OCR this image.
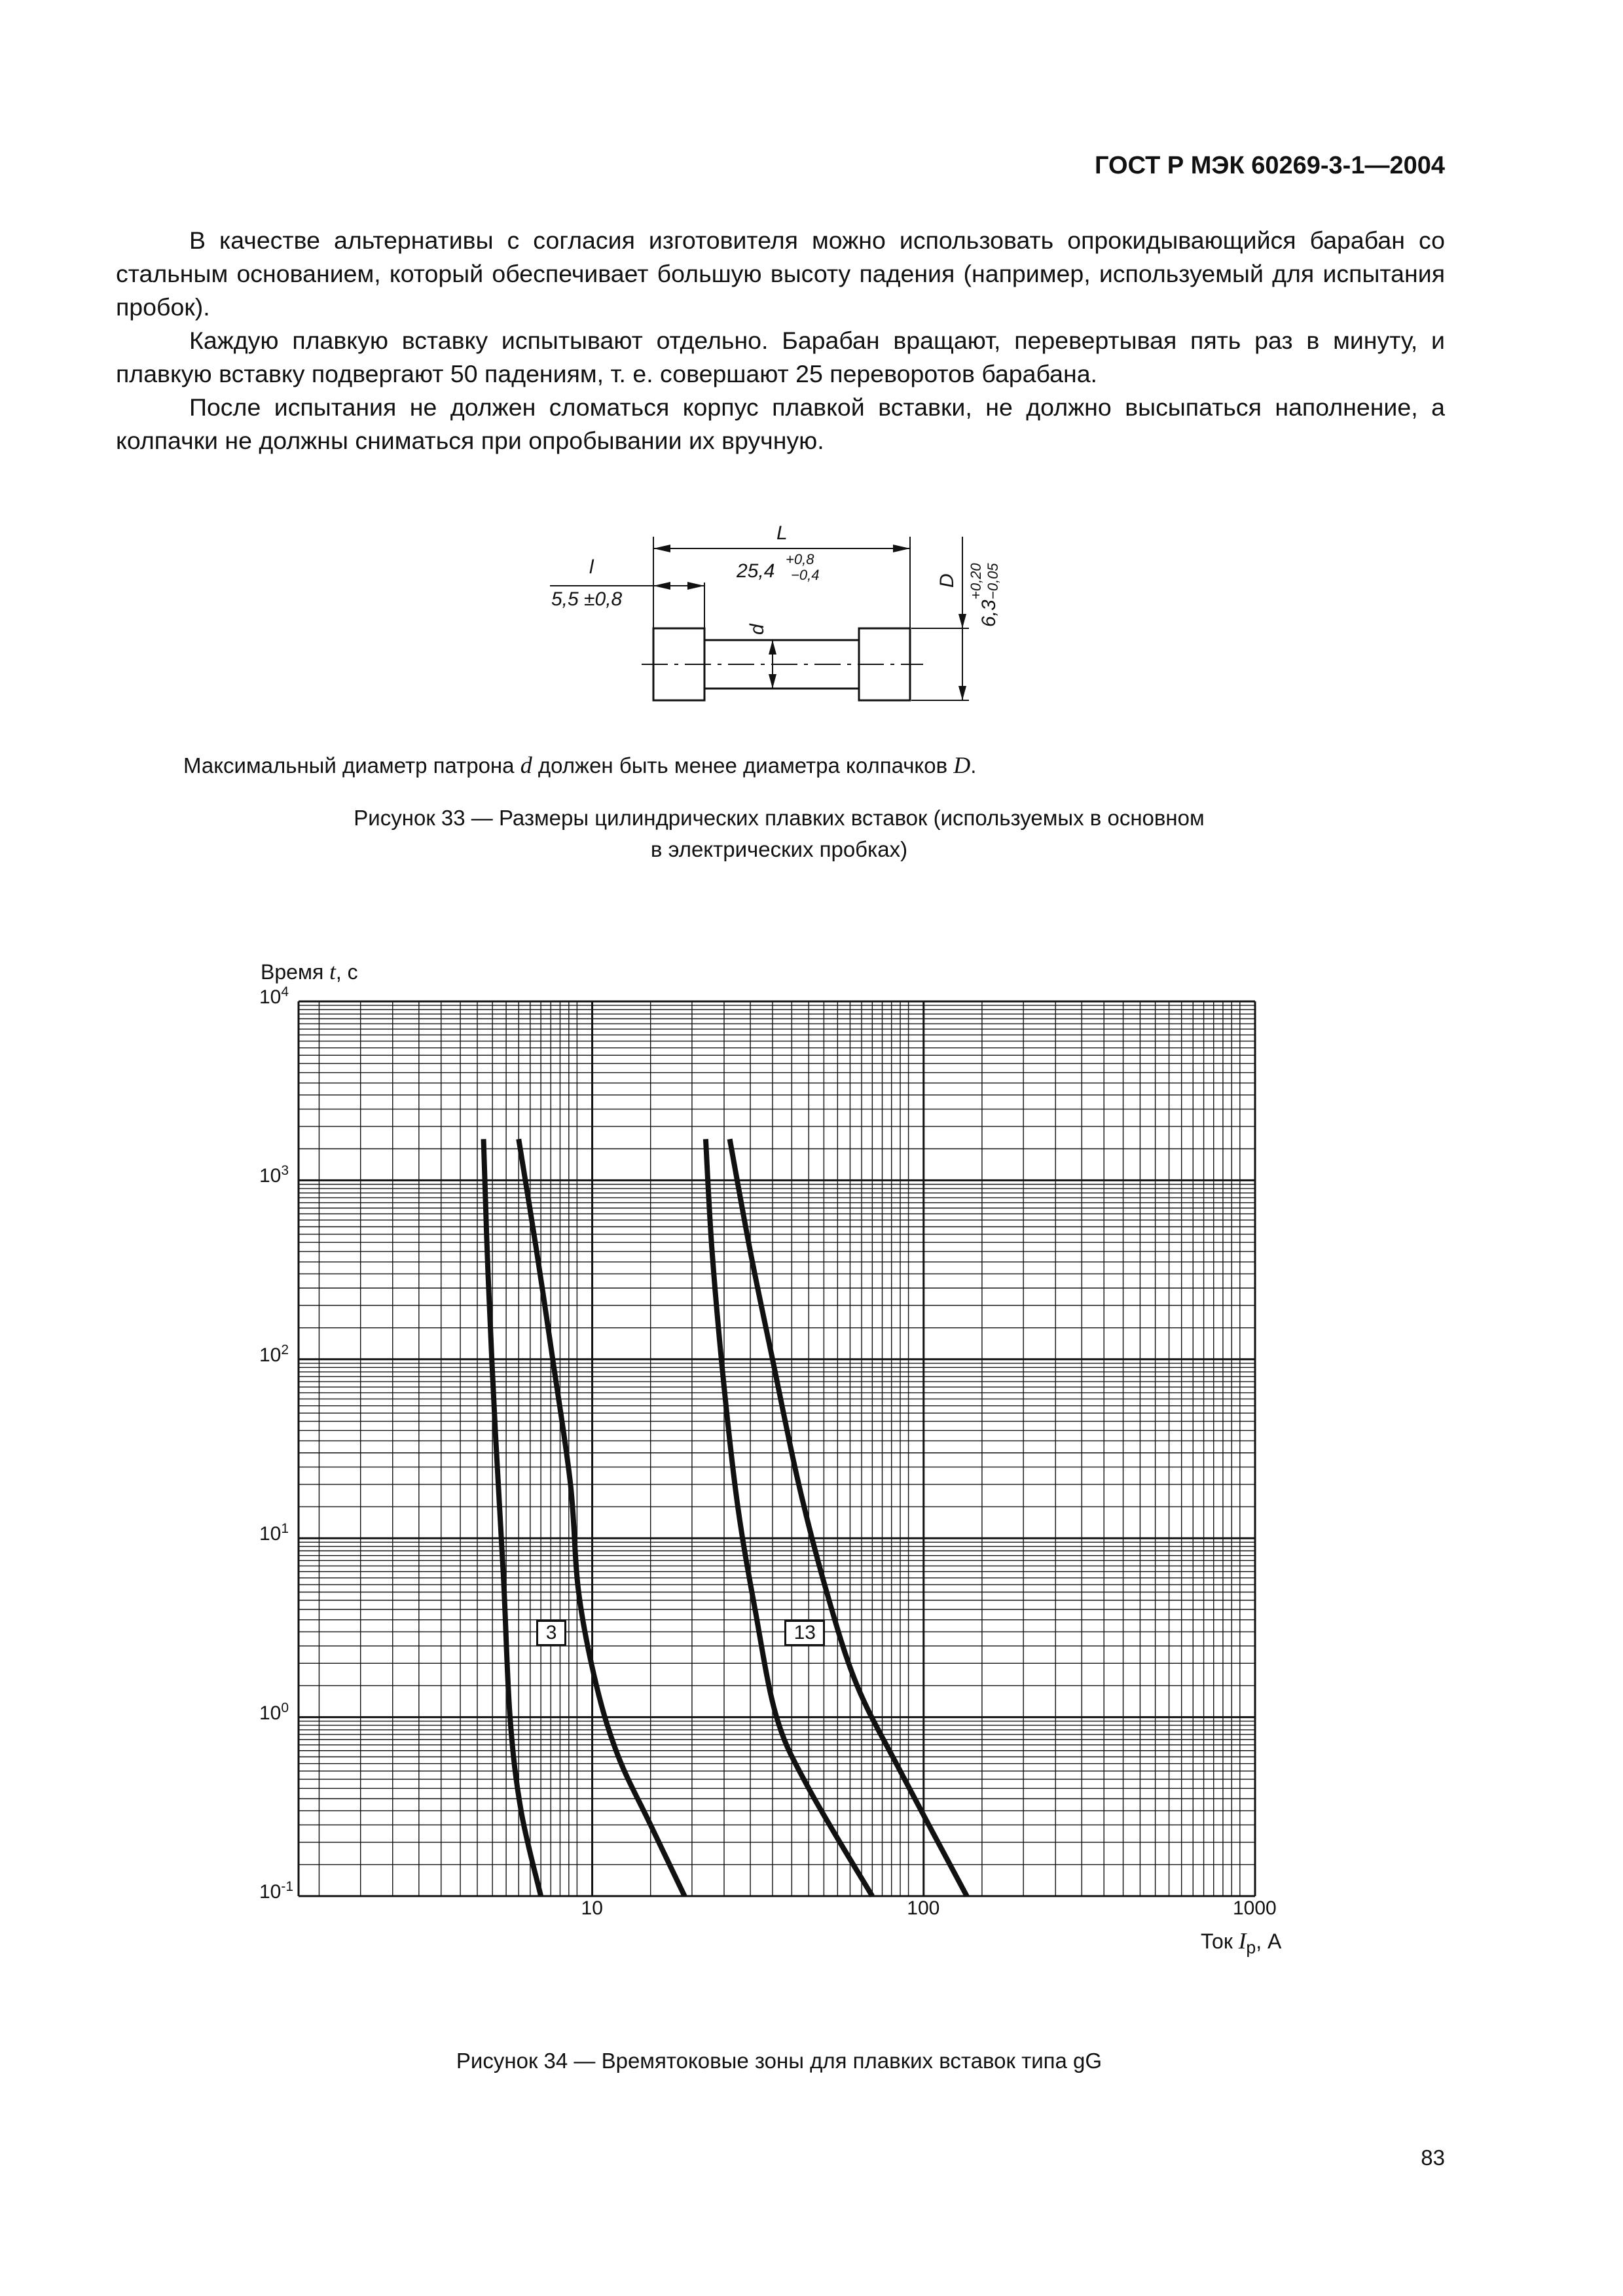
ГОСТ Р МЭК 60269-3-1—2004

В качестве альтернативы с согласия изготовителя можно использовать опрокидывающийся барабан со стальным основанием, который обеспечивает большую высоту падения (например, используемый для испытания пробок).

Каждую плавкую вставку испытывают отдельно. Барабан вращают, перевертывая пять раз в минуту, и плавкую вставку подвергают 50 падениям, т. е. совершают 25 переворотов барабана.

После испытания не должен сломаться корпус плавкой вставки, не должно высыпаться наполнение, а колпачки не должны сниматься при опробывании их вручную.

L
25,4
+0,8
−0,4
l
5,5 ±0,8
d
D
6,3
+0,20 −0,05
Максимальный диаметр патрона d должен быть менее диаметра колпачков D.
Рисунок 33 — Размеры цилиндрических плавких вставок (используемых в основном
в электрических пробках)
Время t, с
$10^4$
$10^3$
$10^2$
$10^1$
$10^0$
$10^{-1}$
10	100	1000
3	13
Ток $I_p$, А
Рисунок 34 — Времятоковые зоны для плавких вставок типа gG
83
